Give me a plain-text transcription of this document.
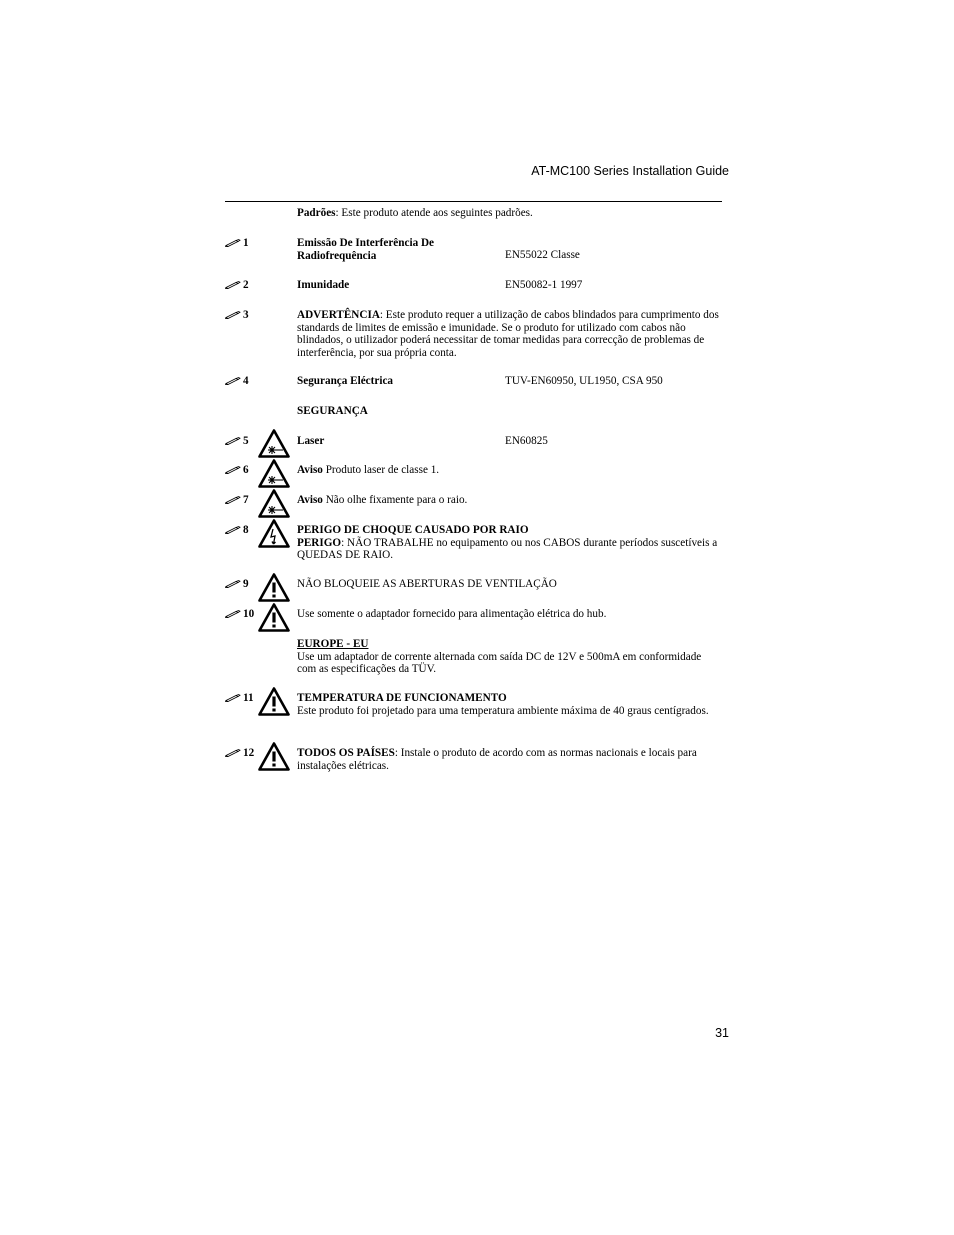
AT-MC100 Series Installation Guide
Padrões: Este produto atende aos seguintes padrões.
1	Emissão De Interferência De
Radiofrequência	EN55022 Classe
2	Imunidade	EN50082-1 1997
3	ADVERTÊNCIA: Este produto requer a utilização de cabos blindados para cumprimento dos standards de limites de emissão e imunidade. Se o produto for utilizado com cabos não blindados, o utilizador poderá necessitar de tomar medidas para correcção de problemas de interferência, por sua própria conta.
4	Segurança Eléctrica	TUV-EN60950, UL1950, CSA 950
SEGURANÇA
5	Laser	EN60825
6	Aviso Produto laser de classe 1.
7	Aviso Não olhe fixamente para o raio.
8	PERIGO DE CHOQUE CAUSADO POR RAIO
PERIGO: NÃO TRABALHE no equipamento ou nos CABOS durante períodos suscetíveis a QUEDAS DE RAIO.
9	NÃO BLOQUEIE AS ABERTURAS DE VENTILAÇÃO
10	Use somente o adaptador fornecido para alimentação elétrica do hub.
EUROPE - EU
Use um adaptador de corrente alternada com saída DC de 12V e 500mA em conformidade com as especificações da TÜV.
11	TEMPERATURA DE FUNCIONAMENTO
Este produto foi projetado para uma temperatura ambiente máxima de 40 graus centígrados.
12	TODOS OS PAÍSES: Instale o produto de acordo com as normas nacionais e locais para instalações elétricas.
31
